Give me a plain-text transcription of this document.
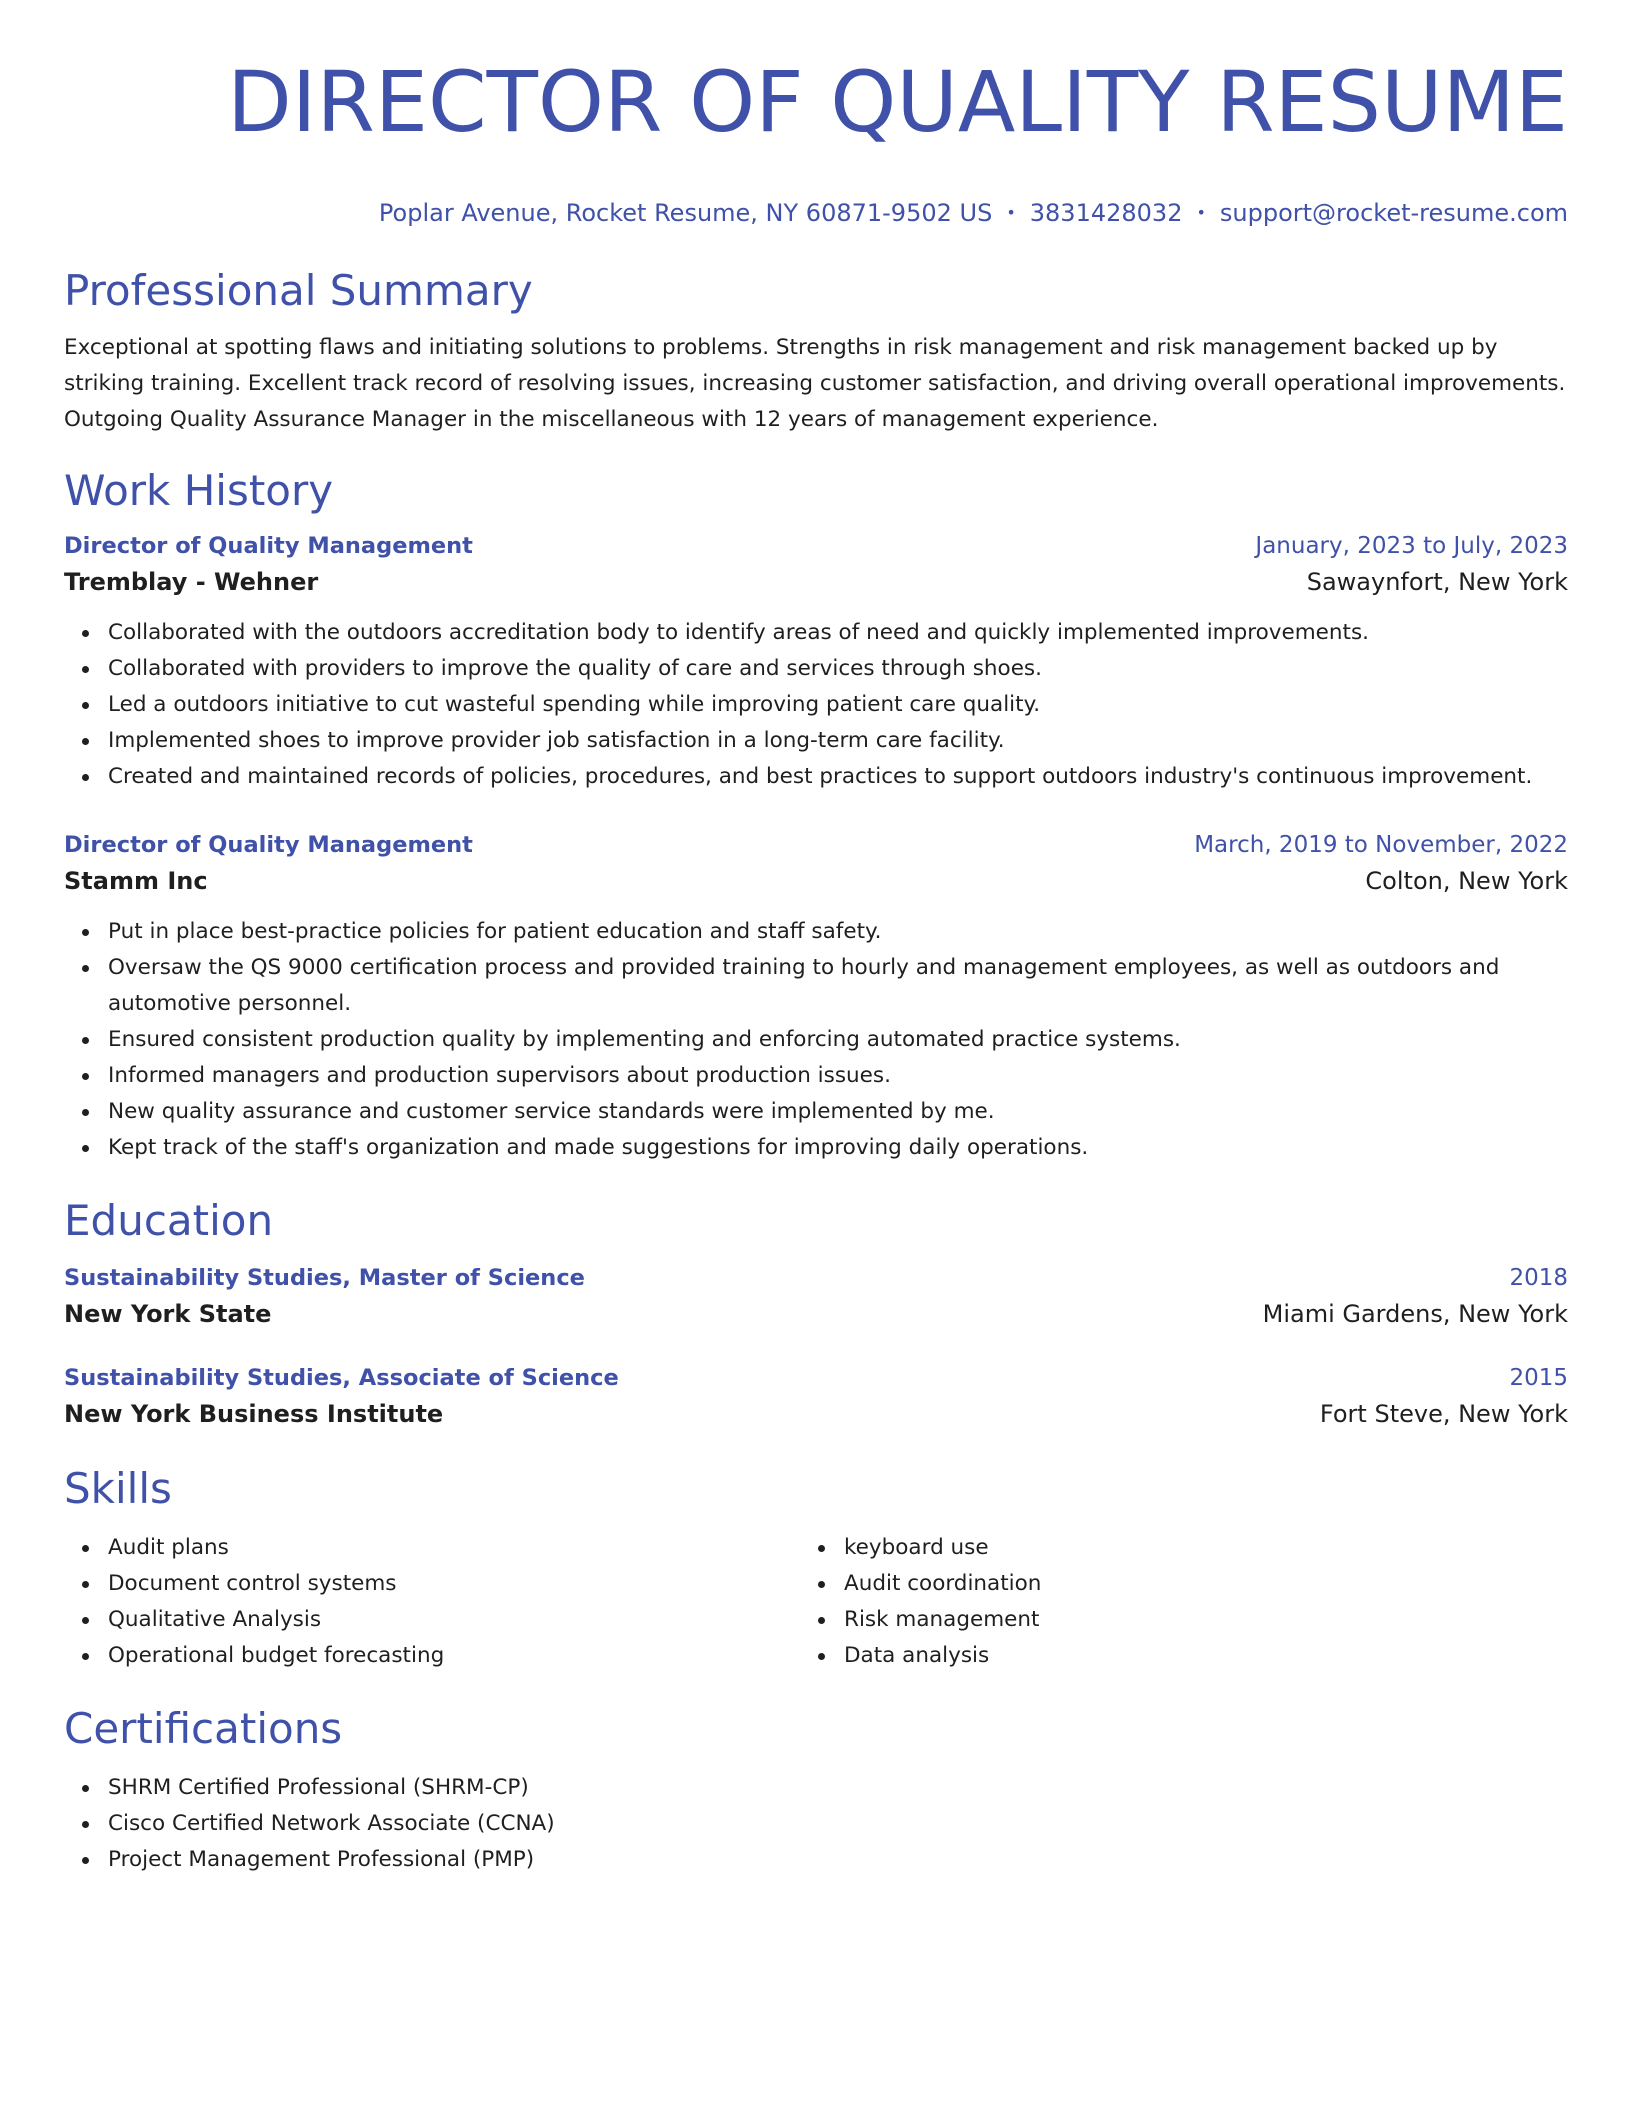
DIRECTOR OF QUALITY RESUME
Poplar Avenue, Rocket Resume, NY 60871-9502 US • 3831428032 • support@rocket-resume.com
Professional Summary

Exceptional at spotting flaws and initiating solutions to problems. Strengths in risk management and risk management backed up by striking training. Excellent track record of resolving issues, increasing customer satisfaction, and driving overall operational improvements. Outgoing Quality Assurance Manager in the miscellaneous with 12 years of management experience.

Work History
Director of Quality Management	January, 2023 to July, 2023
Tremblay - Wehner	Sawaynfort, New York
Collaborated with the outdoors accreditation body to identify areas of need and quickly implemented improvements.
Collaborated with providers to improve the quality of care and services through shoes.
Led a outdoors initiative to cut wasteful spending while improving patient care quality.
Implemented shoes to improve provider job satisfaction in a long-term care facility.
Created and maintained records of policies, procedures, and best practices to support outdoors industry's continuous improvement.
Director of Quality Management	March, 2019 to November, 2022
Stamm Inc	Colton, New York
Put in place best-practice policies for patient education and staff safety.
Oversaw the QS 9000 certification process and provided training to hourly and management employees, as well as outdoors and automotive personnel.
Ensured consistent production quality by implementing and enforcing automated practice systems.
Informed managers and production supervisors about production issues.
New quality assurance and customer service standards were implemented by me.
Kept track of the staff's organization and made suggestions for improving daily operations.
Education
Sustainability Studies, Master of Science	2018
New York State	Miami Gardens, New York
Sustainability Studies, Associate of Science	2015
New York Business Institute	Fort Steve, New York
Skills
Audit plans
Document control systems
Qualitative Analysis
Operational budget forecasting
keyboard use
Audit coordination
Risk management
Data analysis
Certifications
SHRM Certified Professional (SHRM-CP)
Cisco Certified Network Associate (CCNA)
Project Management Professional (PMP)
